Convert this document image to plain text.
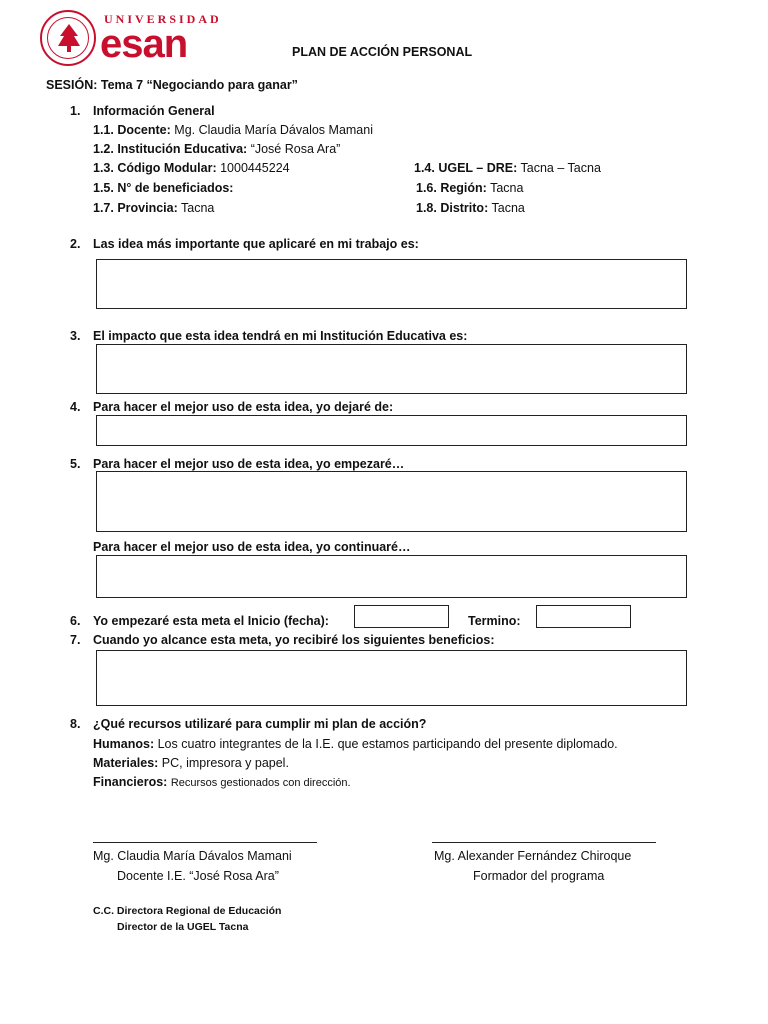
UNIVERSIDAD
esan	PLAN DE ACCIÓN PERSONAL
SESIÓN: Tema 7 “Negociando para ganar”
1. Información General
1.1. Docente: Mg. Claudia María Dávalos Mamani
1.2. Institución Educativa: “José Rosa Ara”
1.3. Código Modular: 1000445224	1.4. UGEL – DRE: Tacna – Tacna
1.5. N° de beneficiados:	1.6. Región: Tacna
1.7. Provincia: Tacna	1.8. Distrito: Tacna
2. Las idea más importante que aplicaré en mi trabajo es:
3. El impacto que esta idea tendrá en mi Institución Educativa es:
4. Para hacer el mejor uso de esta idea, yo dejaré de:
5. Para hacer el mejor uso de esta idea, yo empezaré…
Para hacer el mejor uso de esta idea, yo continuaré…
6. Yo empezaré esta meta el Inicio (fecha):	Termino:
7. Cuando yo alcance esta meta, yo recibiré los siguientes beneficios:
8. ¿Qué recursos utilizaré para cumplir mi plan de acción?
Humanos: Los cuatro integrantes de la I.E. que estamos participando del presente diplomado.
Materiales: PC, impresora y papel.
Financieros: Recursos gestionados con dirección.
Mg. Claudia María Dávalos Mamani
Docente I.E. “José Rosa Ara”
Mg. Alexander Fernández Chiroque
Formador del programa
C.C. Directora Regional de Educación
Director de la UGEL Tacna
